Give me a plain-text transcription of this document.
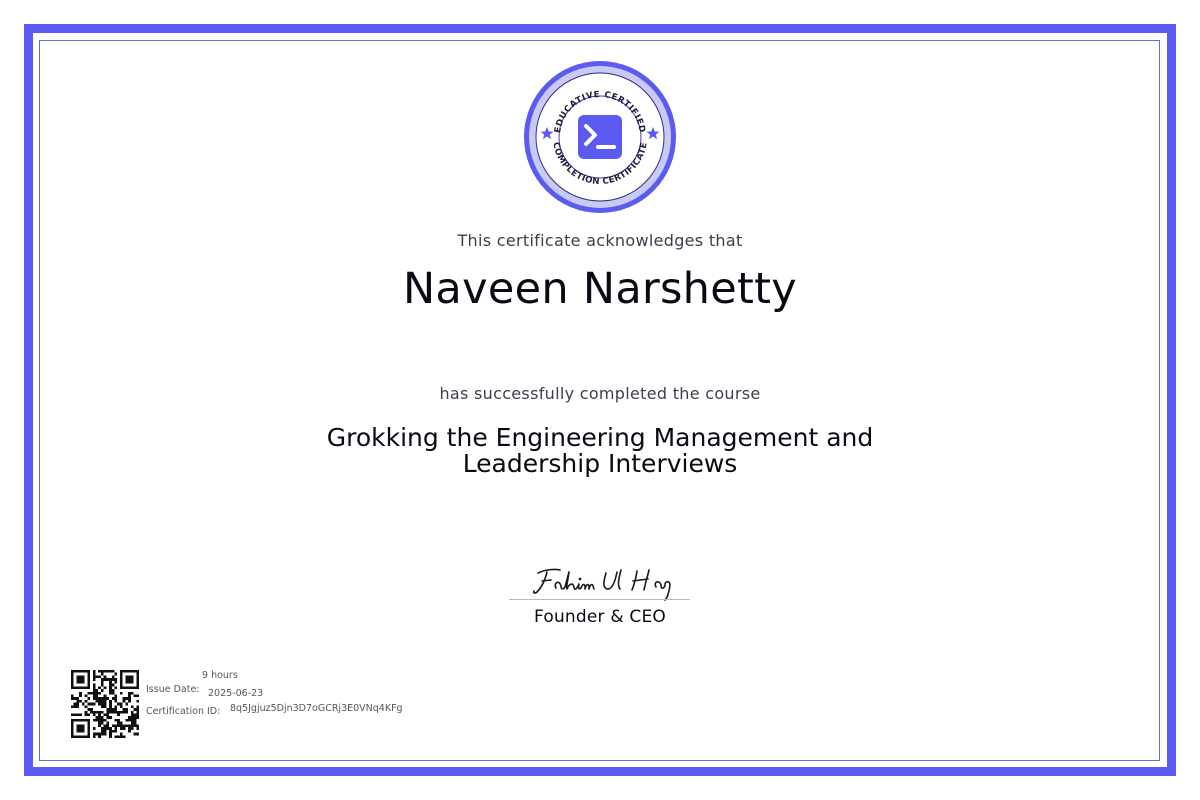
EDUCATIVE CERTIFIED
COMPLETION CERTIFICATE
This certificate acknowledges that
Naveen Narshetty
has successfully completed the course
Grokking the Engineering Management and
Leadership Interviews
Founder & CEO
9 hours
Issue Date: 2025-06-23
Certification ID: 8q5Jgjuz5Djn3D7oGCRj3E0VNq4KFg
